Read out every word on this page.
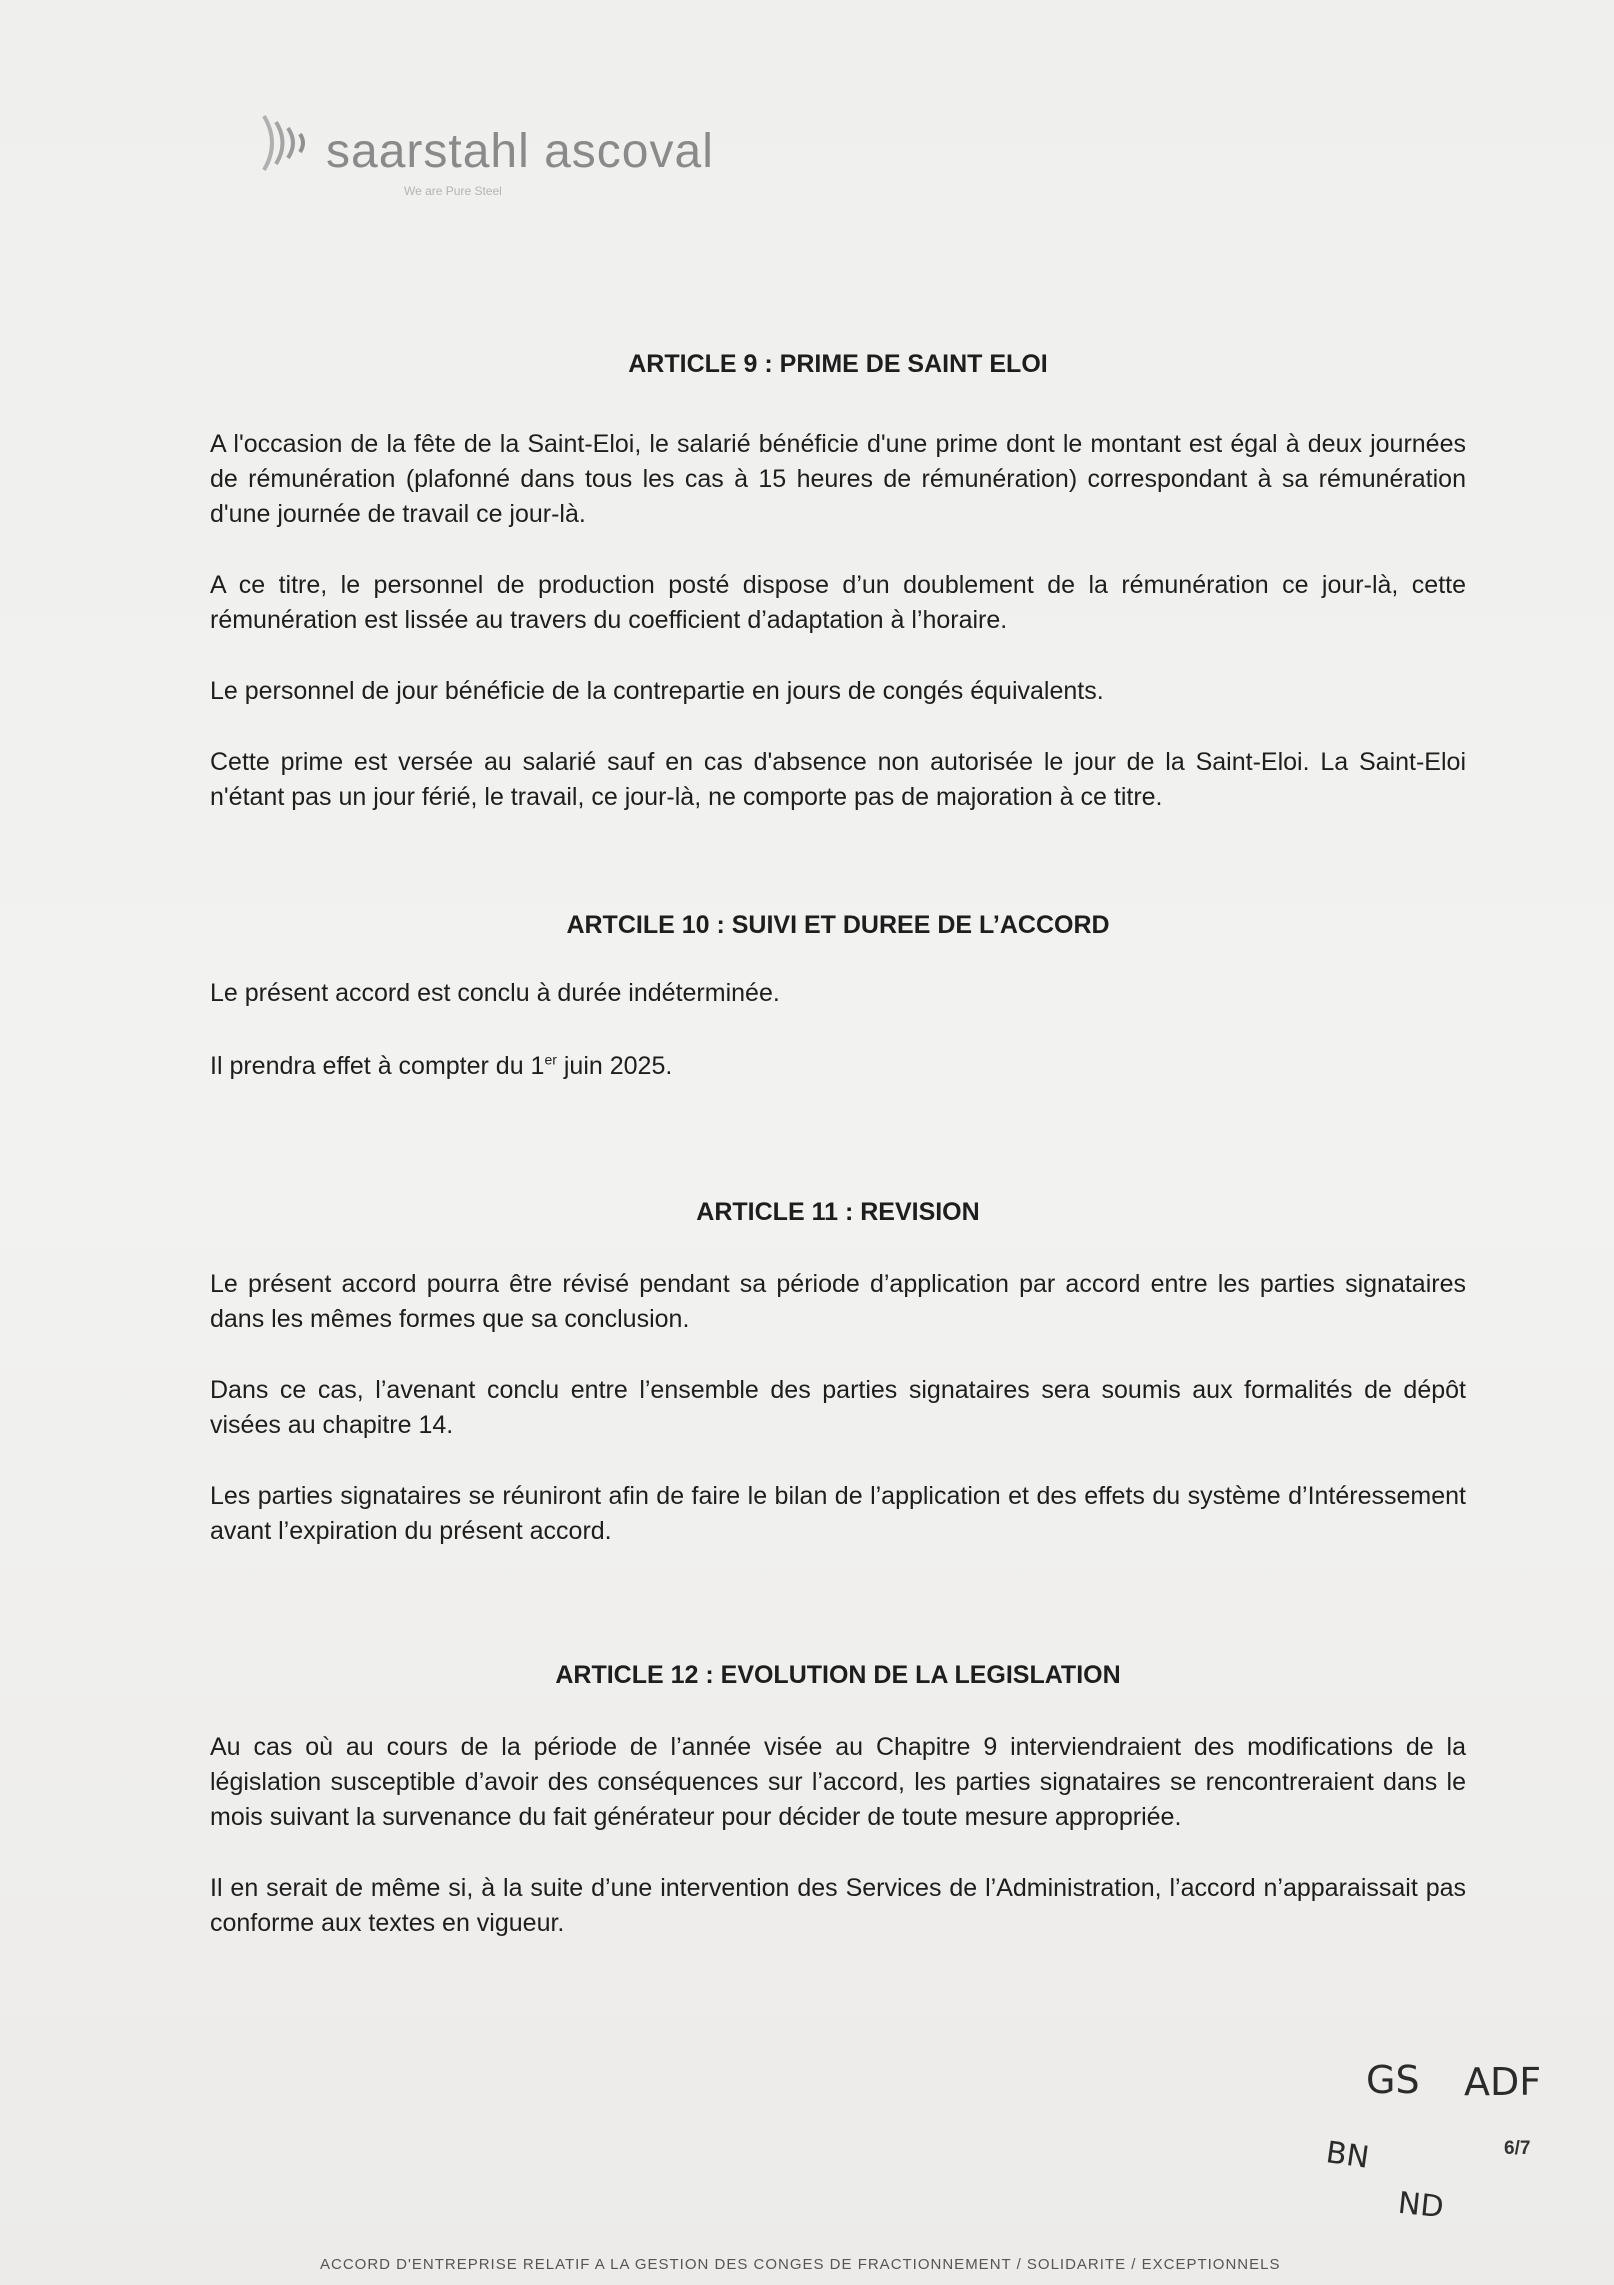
saarstahl ascoval
We are Pure Steel
ARTICLE 9 : PRIME DE SAINT ELOI

A l'occasion de la fête de la Saint-Eloi, le salarié bénéficie d'une prime dont le montant est égal à deux journées de rémunération (plafonné dans tous les cas à 15 heures de rémunération) correspondant à sa rémunération d'une journée de travail ce jour-là.

A ce titre, le personnel de production posté dispose d’un doublement de la rémunération ce jour-là, cette rémunération est lissée au travers du coefficient d’adaptation à l’horaire.

Le personnel de jour bénéficie de la contrepartie en jours de congés équivalents.

Cette prime est versée au salarié sauf en cas d'absence non autorisée le jour de la Saint-Eloi. La Saint-Eloi n'étant pas un jour férié, le travail, ce jour-là, ne comporte pas de majoration à ce titre.

ARTCILE 10 : SUIVI ET DUREE DE L’ACCORD

Le présent accord est conclu à durée indéterminée.

Il prendra effet à compter du 1er juin 2025.

ARTICLE 11 : REVISION

Le présent accord pourra être révisé pendant sa période d’application par accord entre les parties signataires dans les mêmes formes que sa conclusion.

Dans ce cas, l’avenant conclu entre l’ensemble des parties signataires sera soumis aux formalités de dépôt visées au chapitre 14.

Les parties signataires se réuniront afin de faire le bilan de l’application et des effets du système d’Intéressement avant l’expiration du présent accord.

ARTICLE 12 : EVOLUTION DE LA LEGISLATION

Au cas où au cours de la période de l’année visée au Chapitre 9 interviendraient des modifications de la législation susceptible d’avoir des conséquences sur l’accord, les parties signataires se rencontreraient dans le mois suivant la survenance du fait générateur pour décider de toute mesure appropriée.

Il en serait de même si, à la suite d’une intervention des Services de l’Administration, l’accord n’apparaissait pas conforme aux textes en vigueur.

GS ADF
BN
ND
6/7
ACCORD D'ENTREPRISE RELATIF A LA GESTION DES CONGES DE FRACTIONNEMENT / SOLIDARITE / EXCEPTIONNELS
